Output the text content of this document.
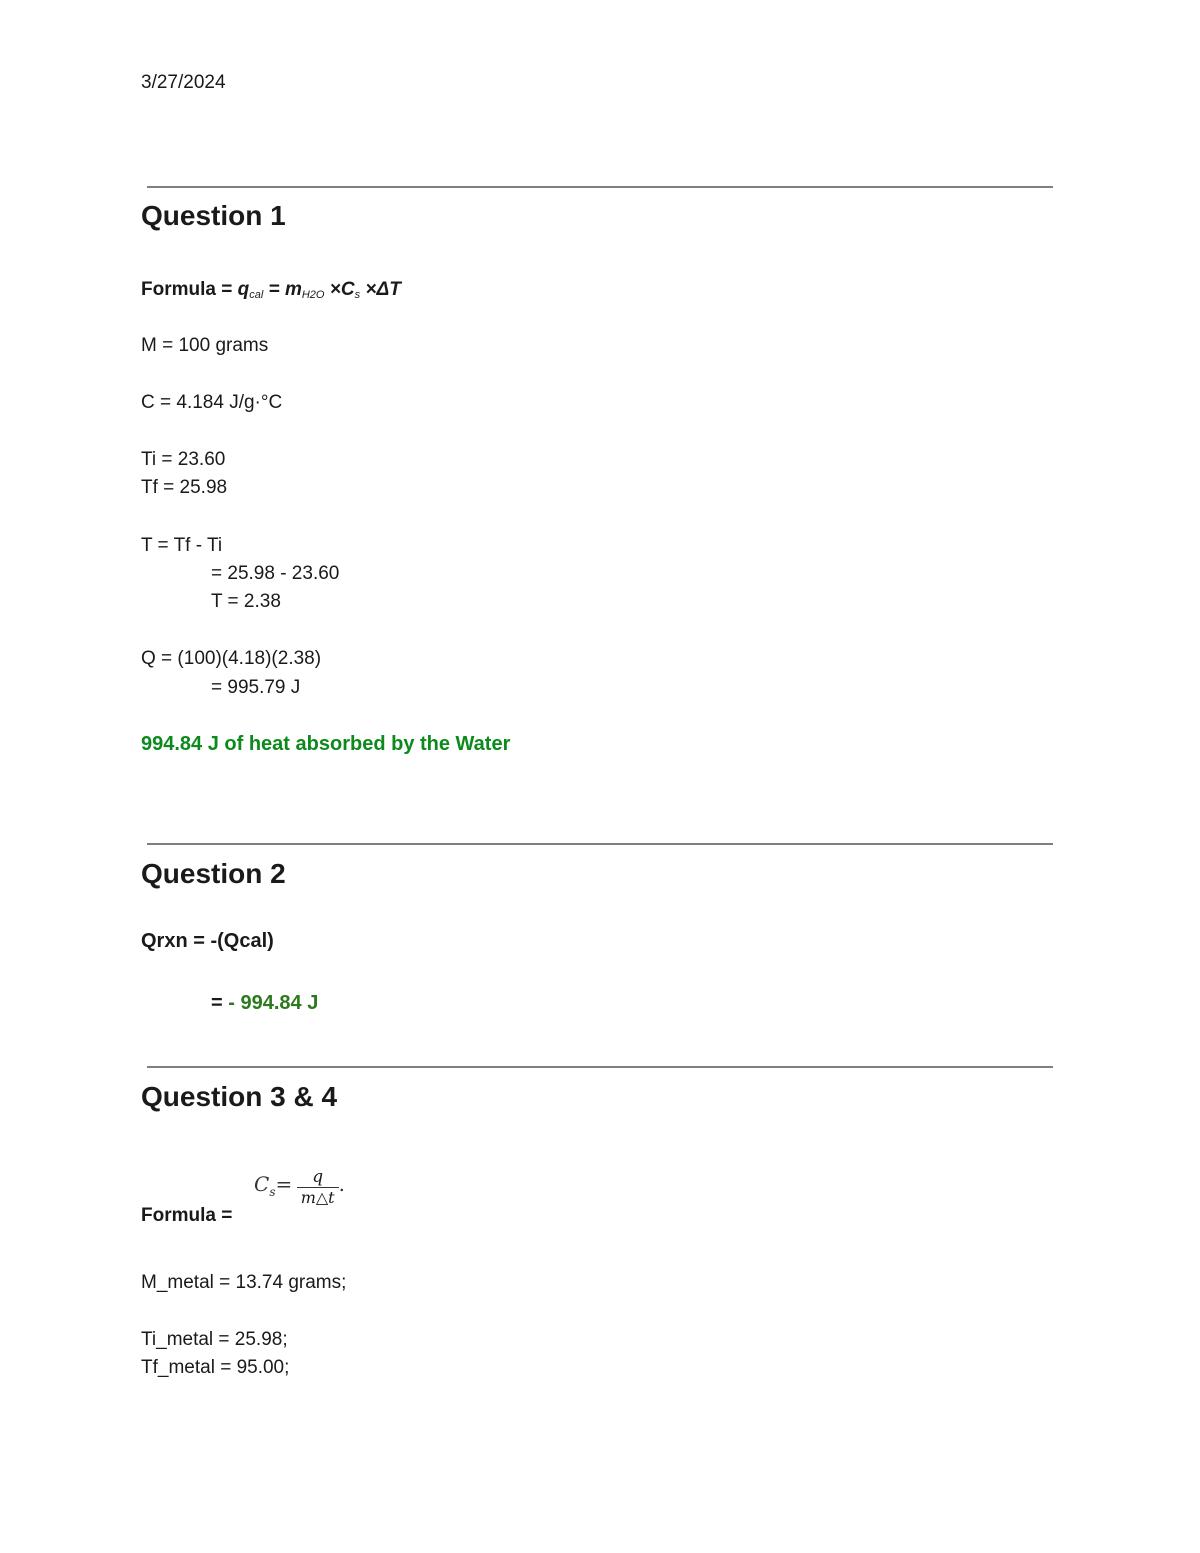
3/27/2024
Question 1
Formula = $q_{cal} = m_{H2O} \times C_s \times\Delta T$
M = 100 grams
C = 4.184 J/g·°C
Ti = 23.60
Tf = 25.98
T = Tf - Ti
= 25.98 - 23.60
T = 2.38
Q = (100)(4.18)(2.38)
= 995.79 J
994.84 J of heat absorbed by the Water
Question 2
Qrxn = -(Qcal)
= - 994.84 J
Question 3 & 4
$C_s= \frac{q}{m\triangle t}$ .
Formula =
M_metal = 13.74 grams;
Ti_metal = 25.98;
Tf_metal = 95.00;
